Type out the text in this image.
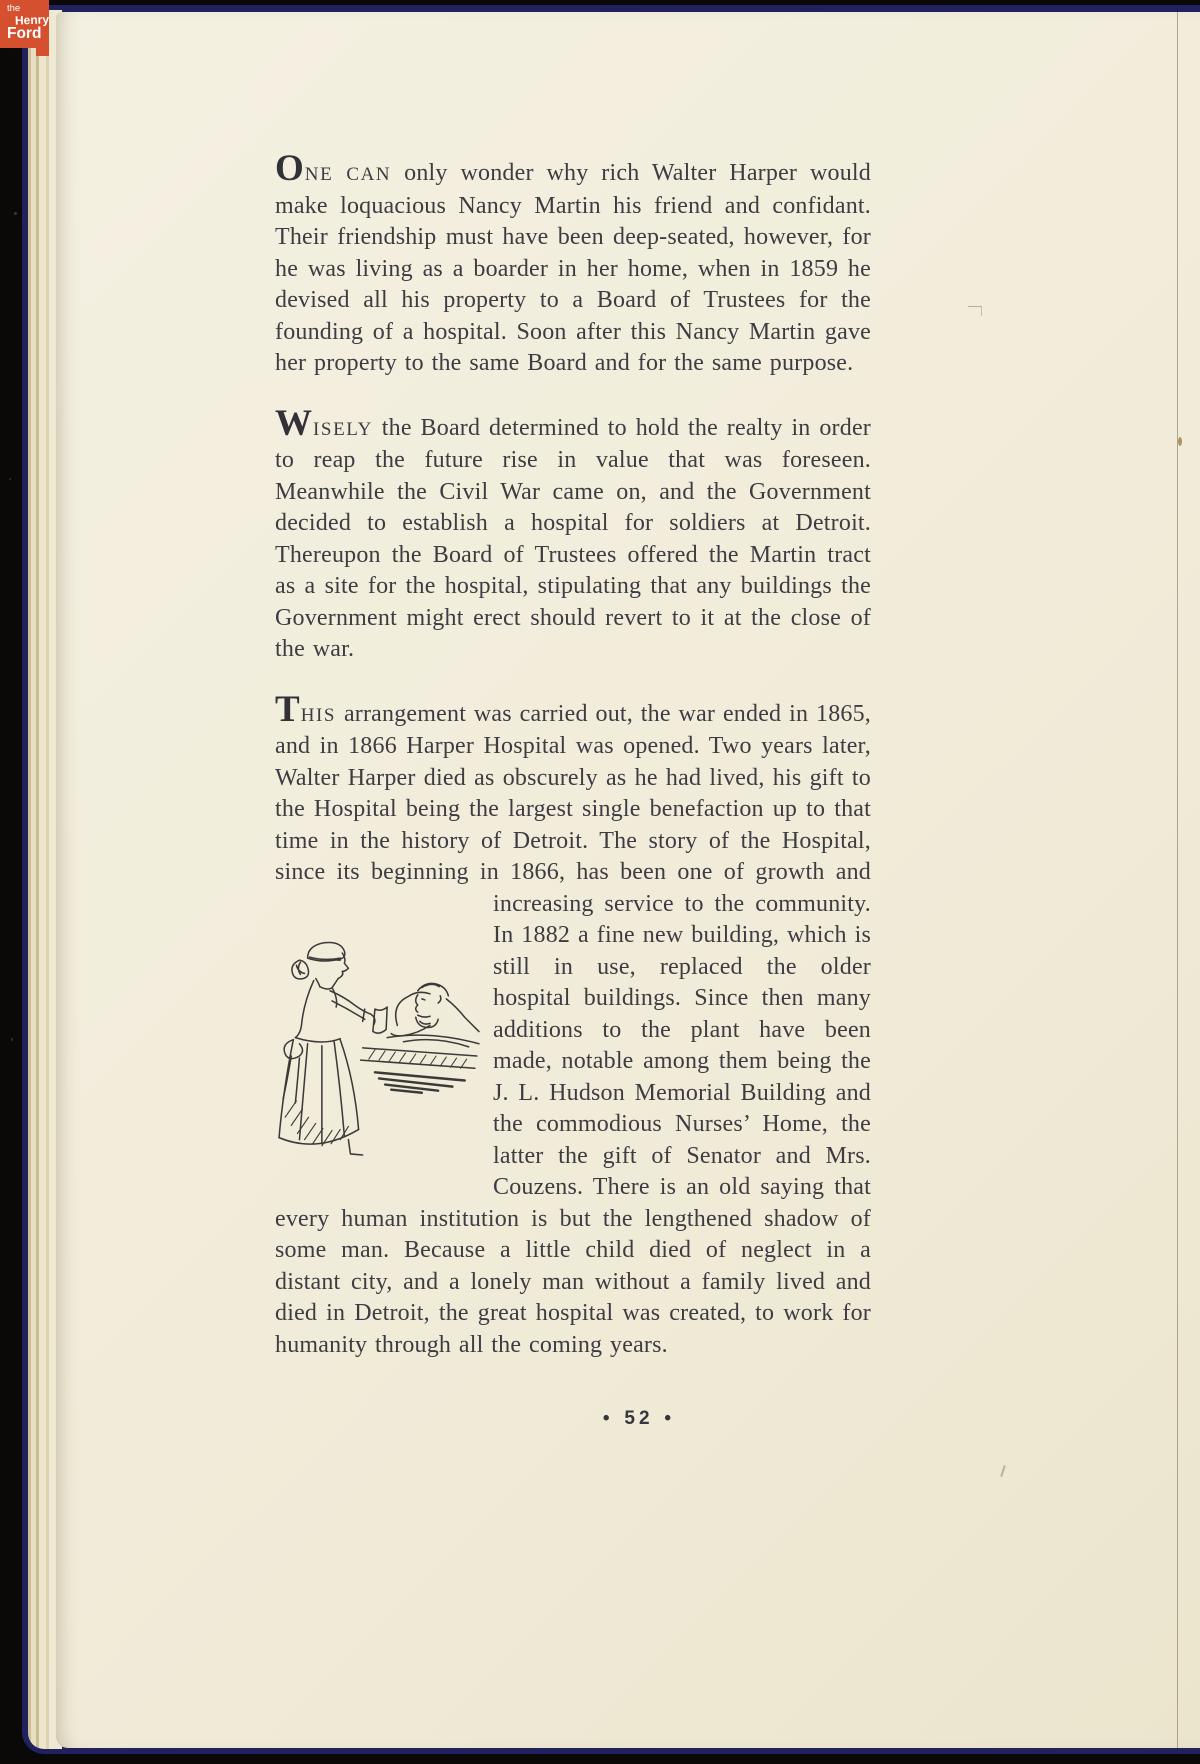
ONE CAN only wonder why rich Walter Harper would make loquacious Nancy Martin his friend and confidant. Their friendship must have been deep-seated, however, for he was living as a boarder in her home, when in 1859 he devised all his property to a Board of Trustees for the founding of a hospital. Soon after this Nancy Martin gave her property to the same Board and for the same purpose.

WISELY the Board determined to hold the realty in order to reap the future rise in value that was foreseen. Meanwhile the Civil War came on, and the Government decided to establish a hospital for soldiers at Detroit. Thereupon the Board of Trustees offered the Martin tract as a site for the hospital, stipulating that any buildings the Government might erect should revert to it at the close of the war.

THIS arrangement was carried out, the war ended in 1865, and in 1866 Harper Hospital was opened. Two years later, Walter Harper died as obscurely as he had lived, his gift to the Hospital being the largest single benefaction up to that time in the history of Detroit. The story of the Hospital, since its beginning in 1866, has been one of growth and increasing service
to the community. In 1882 a fine new building, which is still in use, replaced the older hospital buildings. Since then many additions to the plant have been made, notable among them being the J. L. Hudson Memorial Building and the commodious Nurses’ Home, the latter the gift of Senator and Mrs. Couzens. There is an old saying that every human institution is but the lengthened shadow of some man. Because a little child died of neglect in a distant city, and a lonely man without a family lived and died in Detroit, the great hospital was created, to work for humanity through all the coming years.

• 52 •
the
Henry
Ford
